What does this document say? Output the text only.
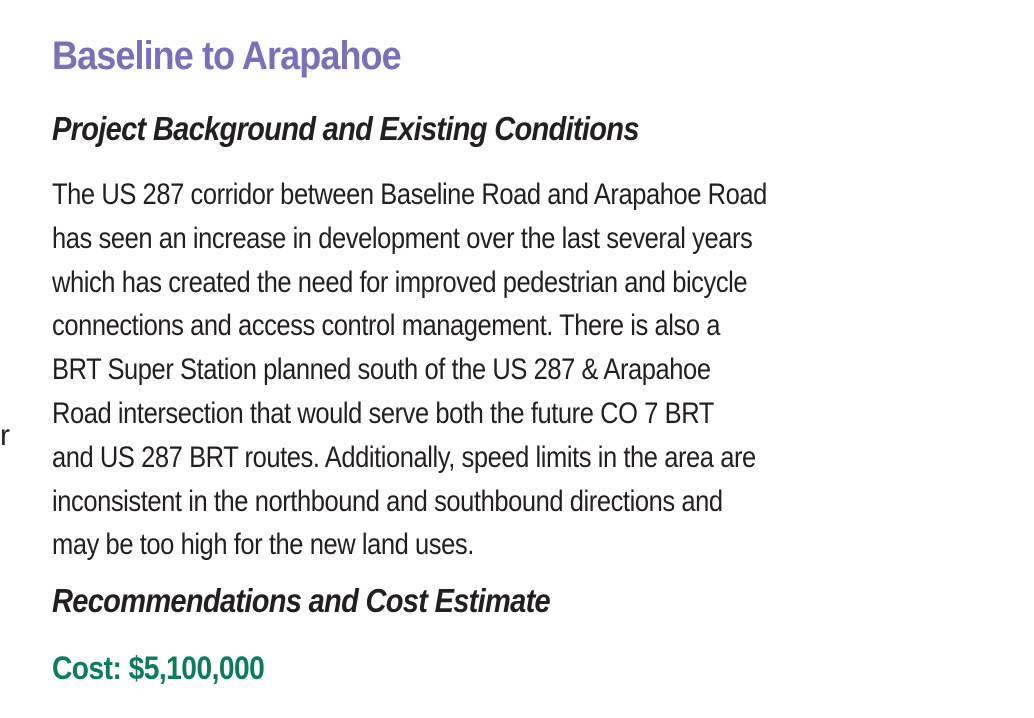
r
Baseline to Arapahoe
Project Background and Existing Conditions

The US 287 corridor between Baseline Road and Arapahoe Road
has seen an increase in development over the last several years
which has created the need for improved pedestrian and bicycle
connections and access control management. There is also a
BRT Super Station planned south of the US 287 & Arapahoe
Road intersection that would serve both the future CO 7 BRT
and US 287 BRT routes. Additionally, speed limits in the area are
inconsistent in the northbound and southbound directions and
may be too high for the new land uses.

Recommendations and Cost Estimate
Cost: $5,100,000
